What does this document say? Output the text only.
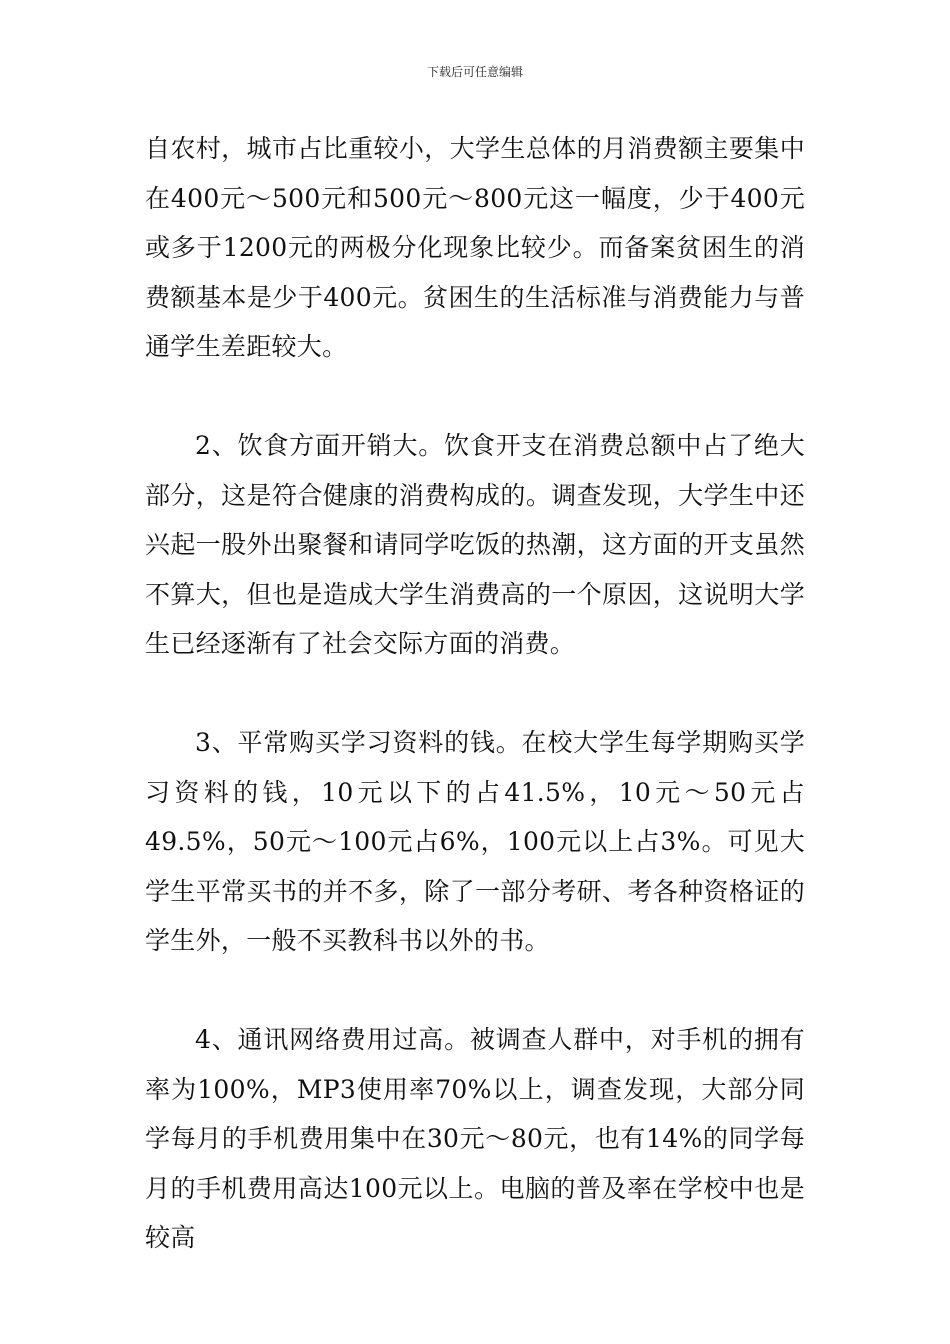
下载后可任意编辑

自农村，城市占比重较小，大学生总体的月消费额主要集中在400元～500元和500元～800元这一幅度，少于400元或多于1200元的两极分化现象比较少。而备案贫困生的消费额基本是少于400元。贫困生的生活标准与消费能力与普通学生差距较大。

2、饮食方面开销大。饮食开支在消费总额中占了绝大部分，这是符合健康的消费构成的。调查发现，大学生中还兴起一股外出聚餐和请同学吃饭的热潮，这方面的开支虽然不算大，但也是造成大学生消费高的一个原因，这说明大学生已经逐渐有了社会交际方面的消费。

3、平常购买学习资料的钱。在校大学生每学期购买学习资料的钱，10元以下的占41.5%，10元～50元占49.5%，50元～100元占6%，100元以上占3%。可见大学生平常买书的并不多，除了一部分考研、考各种资格证的学生外，一般不买教科书以外的书。

4、通讯网络费用过高。被调查人群中，对手机的拥有率为100%，MP3使用率70%以上，调查发现，大部分同学每月的手机费用集中在30元～80元，也有14%的同学每月的手机费用高达100元以上。电脑的普及率在学校中也是较高
